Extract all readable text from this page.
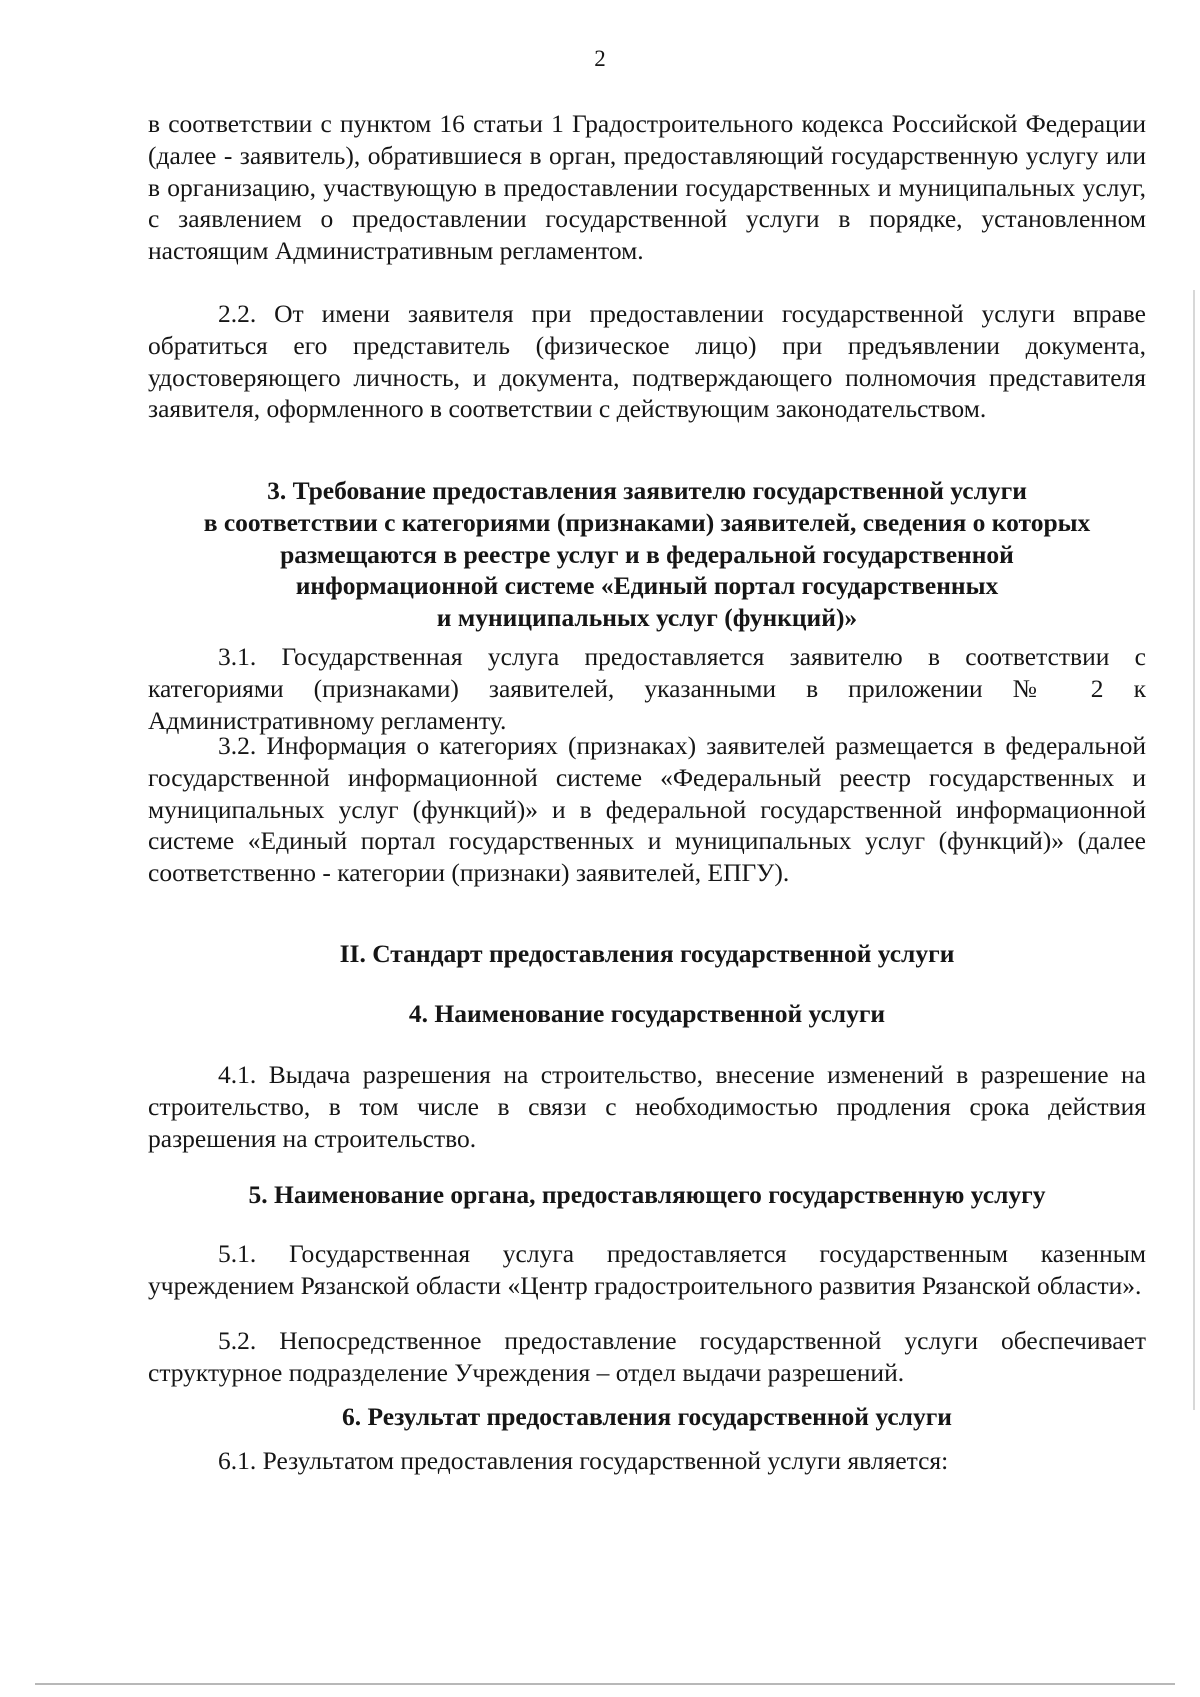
2

в соответствии с пунктом 16 статьи 1 Градостроительного кодекса Российской Федерации (далее - заявитель), обратившиеся в орган, предоставляющий государственную услугу или в организацию, участвующую в предоставлении государственных и муниципальных услуг, с заявлением о предоставлении государственной услуги в порядке, установленном настоящим Административным регламентом.

2.2. От имени заявителя при предоставлении государственной услуги вправе обратиться его представитель (физическое лицо) при предъявлении документа, удостоверяющего личность, и документа, подтверждающего полномочия представителя заявителя, оформленного в соответствии с действующим законодательством.

3. Требование предоставления заявителю государственной услуги
в соответствии с категориями (признаками) заявителей, сведения о которых
размещаются в реестре услуг и в федеральной государственной
информационной системе «Единый портал государственных
и муниципальных услуг (функций)»

3.1. Государственная услуга предоставляется заявителю в соответствии с категориями (признаками) заявителей, указанными в приложении № 2 к Административному регламенту.

3.2. Информация о категориях (признаках) заявителей размещается в федеральной государственной информационной системе «Федеральный реестр государственных и муниципальных услуг (функций)» и в федеральной государственной информационной системе «Единый портал государственных и муниципальных услуг (функций)» (далее соответственно - категории (признаки) заявителей, ЕПГУ).

II. Стандарт предоставления государственной услуги
4. Наименование государственной услуги

4.1. Выдача разрешения на строительство, внесение изменений в разрешение на строительство, в том числе в связи с необходимостью продления срока действия разрешения на строительство.

5. Наименование органа, предоставляющего государственную услугу

5.1. Государственная услуга предоставляется государственным казенным учреждением Рязанской области «Центр градостроительного развития Рязанской области».

5.2. Непосредственное предоставление государственной услуги обеспечивает структурное подразделение Учреждения – отдел выдачи разрешений.

6. Результат предоставления государственной услуги

6.1. Результатом предоставления государственной услуги является:
